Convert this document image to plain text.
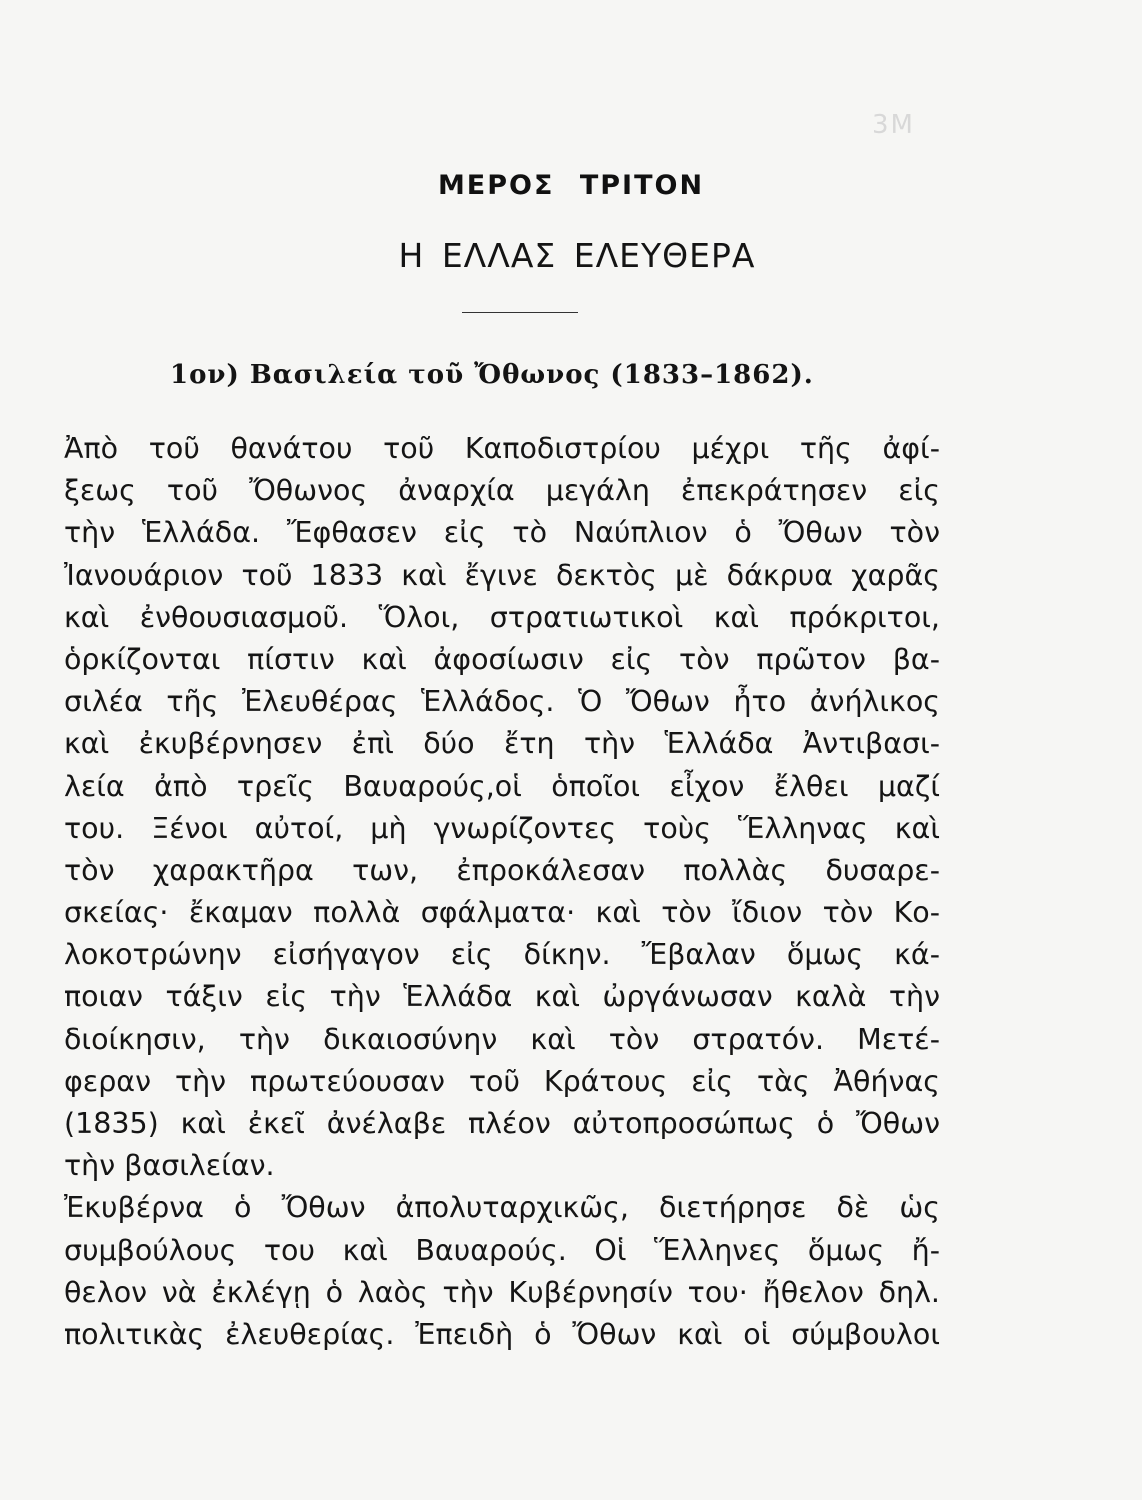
3Μ
ΜΕΡΟΣ ΤΡΙΤΟΝ
Η ΕΛΛΑΣ ΕΛΕΥΘΕΡΑ
1ον) Βασιλεία τοῦ Ὄθωνος (1833–1862).
Ἀπὸ τοῦ θανάτου τοῦ Καποδιστρίου μέχρι τῆς ἀφί-
ξεως τοῦ Ὄθωνος ἀναρχία μεγάλη ἐπεκράτησεν εἰς
τὴν Ἑλλάδα. Ἔφθασεν εἰς τὸ Ναύπλιον ὁ Ὄθων τὸν
Ἰανουάριον τοῦ 1833 καὶ ἔγινε δεκτὸς μὲ δάκρυα χαρᾶς
καὶ ἐνθουσιασμοῦ. Ὅλοι, στρατιωτικοὶ καὶ πρόκριτοι,
ὁρκίζονται πίστιν καὶ ἀφοσίωσιν εἰς τὸν πρῶτον βα-
σιλέα τῆς Ἐλευθέρας Ἑλλάδος. Ὁ Ὄθων ἦτο ἀνήλικος
καὶ ἐκυβέρνησεν ἐπὶ δύο ἔτη τὴν Ἑλλάδα Ἀντιβασι-
λεία ἀπὸ τρεῖς Βαυαρούς,οἱ ὁποῖοι εἶχον ἔλθει μαζί
του. Ξένοι αὐτοί, μὴ γνωρίζοντες τοὺς Ἕλληνας καὶ
τὸν χαρακτῆρα των, ἐπροκάλεσαν πολλὰς δυσαρε-
σκείας· ἔκαμαν πολλὰ σφάλματα· καὶ τὸν ἴδιον τὸν Κο-
λοκοτρώνην εἰσήγαγον εἰς δίκην. Ἔβαλαν ὅμως κά-
ποιαν τάξιν εἰς τὴν Ἑλλάδα καὶ ὠργάνωσαν καλὰ τὴν
διοίκησιν, τὴν δικαιοσύνην καὶ τὸν στρατόν. Μετέ-
φεραν τὴν πρωτεύουσαν τοῦ Κράτους εἰς τὰς Ἀθήνας
(1835) καὶ ἐκεῖ ἀνέλαβε πλέον αὐτοπροσώπως ὁ Ὄθων
τὴν βασιλείαν.
Ἐκυβέρνα ὁ Ὄθων ἀπολυταρχικῶς, διετήρησε δὲ ὡς
συμβούλους του καὶ Βαυαρούς. Οἱ Ἕλληνες ὅμως ἤ-
θελον νὰ ἐκλέγῃ ὁ λαὸς τὴν Κυβέρνησίν του· ἤθελον δηλ.
πολιτικὰς ἐλευθερίας. Ἐπειδὴ ὁ Ὄθων καὶ οἱ σύμβουλοι
